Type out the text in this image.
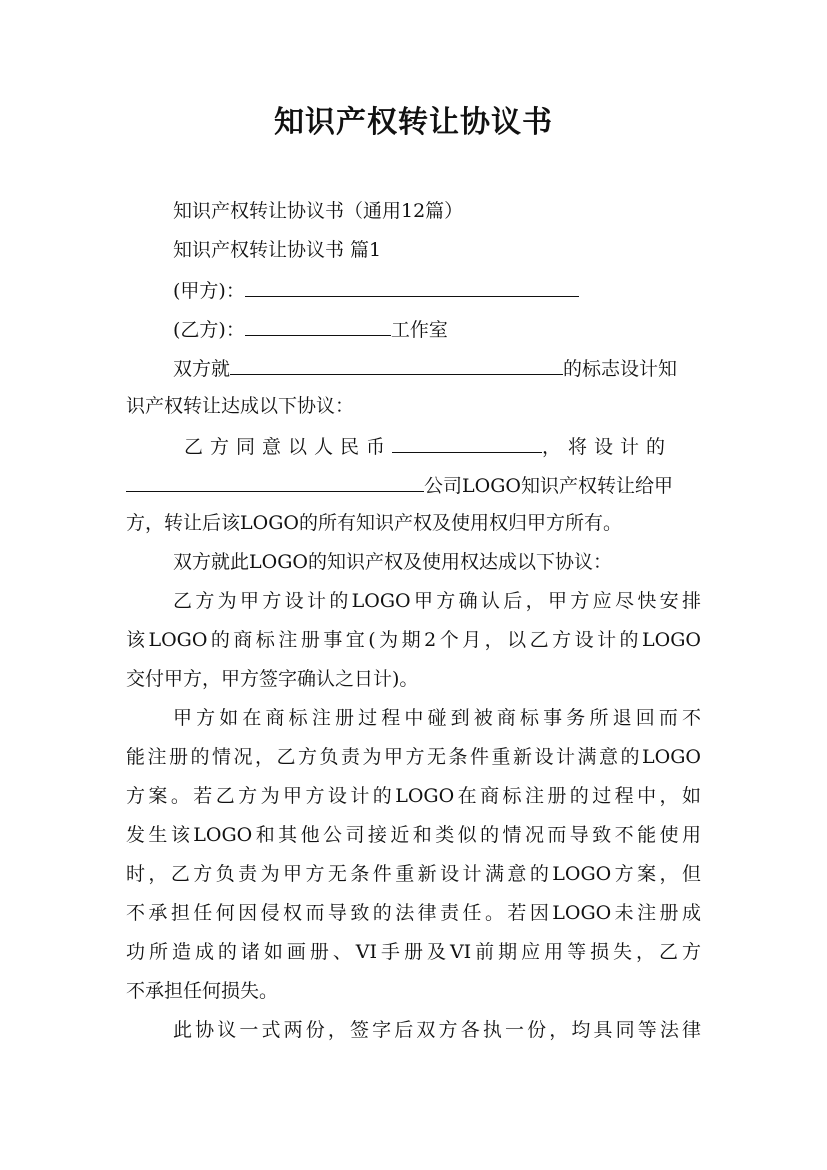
知识产权转让协议书
知识产权转让协议书（通用12篇）
知识产权转让协议书 篇1
(甲方)：
(乙方)：	工作室
双方就	的标志设计知
识产权转让达成以下协议：
乙方同意以人民币	，将设计的
公司LOGO知识产权转让给甲
方，转让后该LOGO的所有知识产权及使用权归甲方所有。
双方就此LOGO的知识产权及使用权达成以下协议：
乙方为甲方设计的LOGO甲方确认后，甲方应尽快安排
该LOGO的商标注册事宜(为期2个月，以乙方设计的LOGO
交付甲方，甲方签字确认之日计)。
甲方如在商标注册过程中碰到被商标事务所退回而不
能注册的情况，乙方负责为甲方无条件重新设计满意的LOGO
方案。若乙方为甲方设计的LOGO在商标注册的过程中，如
发生该LOGO和其他公司接近和类似的情况而导致不能使用
时，乙方负责为甲方无条件重新设计满意的LOGO方案，但
不承担任何因侵权而导致的法律责任。若因LOGO未注册成
功所造成的诸如画册、VI手册及VI前期应用等损失，乙方
不承担任何损失。
此协议一式两份，签字后双方各执一份，均具同等法律
